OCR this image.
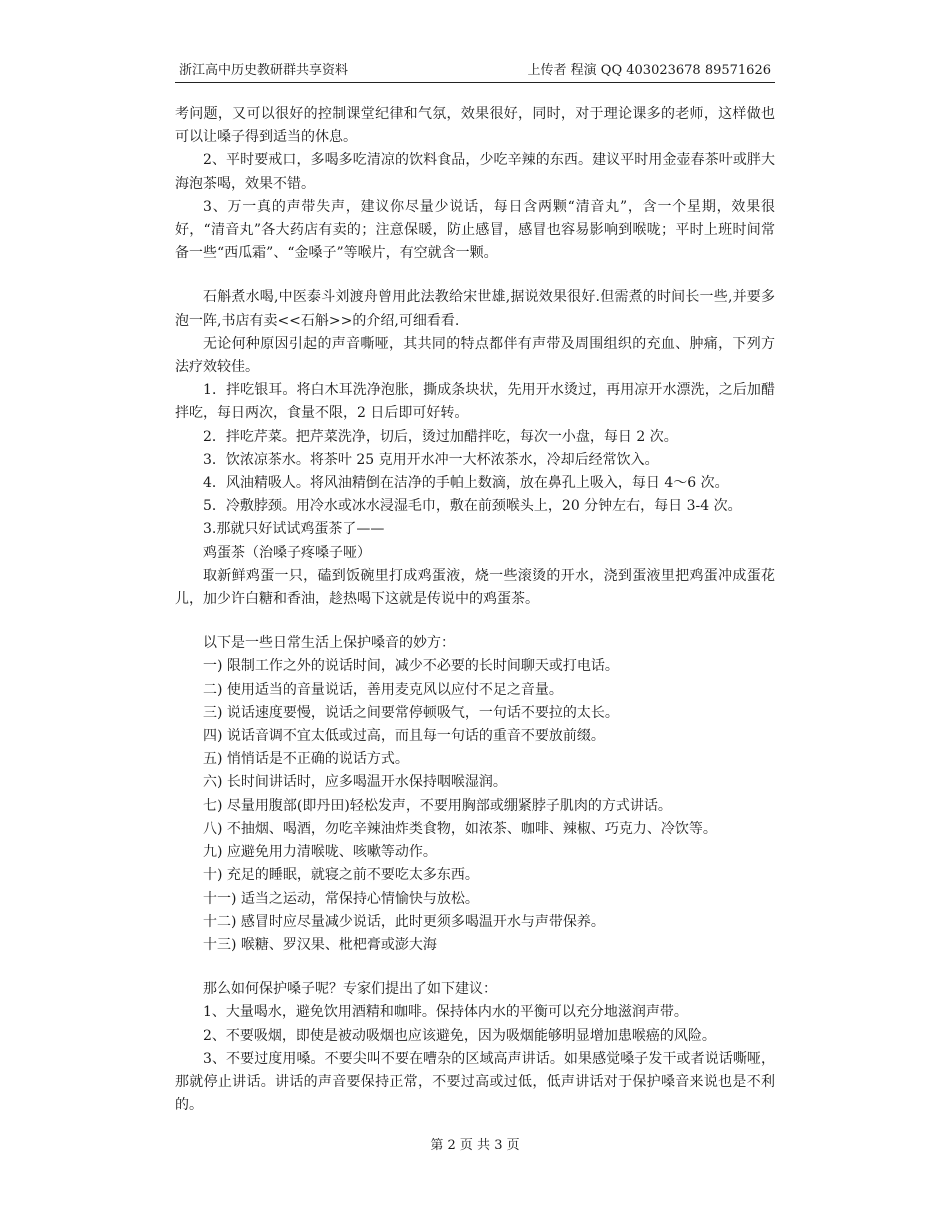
浙江高中历史教研群共享资料	上传者 程演 QQ 403023678 89571626

考问题，又可以很好的控制课堂纪律和气氛，效果很好，同时，对于理论课多的老师，这样做也可以让嗓子得到适当的休息。

2、平时要戒口，多喝多吃清凉的饮料食品，少吃辛辣的东西。建议平时用金壶春茶叶或胖大海泡茶喝，效果不错。

3、万一真的声带失声，建议你尽量少说话，每日含两颗“清音丸”，含一个星期，效果很好，“清音丸”各大药店有卖的；注意保暖，防止感冒，感冒也容易影响到喉咙；平时上班时间常备一些“西瓜霜”、“金嗓子”等喉片，有空就含一颗。

石斛煮水喝,中医泰斗刘渡舟曾用此法教给宋世雄,据说效果很好.但需煮的时间长一些,并要多泡一阵,书店有卖<<石斛>>的介绍,可细看看.

无论何种原因引起的声音嘶哑，其共同的特点都伴有声带及周围组织的充血、肿痛，下列方法疗效较佳。

1．拌吃银耳。将白木耳洗净泡胀，撕成条块状，先用开水烫过，再用凉开水漂洗，之后加醋拌吃，每日两次，食量不限，2 日后即可好转。

2．拌吃芹菜。把芹菜洗净，切后，烫过加醋拌吃，每次一小盘，每日 2 次。

3．饮浓凉茶水。将茶叶 25 克用开水冲一大杯浓茶水，冷却后经常饮入。

4．风油精吸人。将风油精倒在洁净的手帕上数滴，放在鼻孔上吸入，每日 4～6 次。

5．冷敷脖颈。用冷水或冰水浸湿毛巾，敷在前颈喉头上，20 分钟左右，每日 3-4 次。

3.那就只好试试鸡蛋茶了——

鸡蛋茶（治嗓子疼嗓子哑）

取新鲜鸡蛋一只，磕到饭碗里打成鸡蛋液，烧一些滚烫的开水，浇到蛋液里把鸡蛋冲成蛋花儿，加少许白糖和香油，趁热喝下这就是传说中的鸡蛋茶。

以下是一些日常生活上保护嗓音的妙方：

一) 限制工作之外的说话时间，减少不必要的长时间聊天或打电话。

二) 使用适当的音量说话，善用麦克风以应付不足之音量。

三) 说话速度要慢，说话之间要常停顿吸气，一句话不要拉的太长。

四) 说话音调不宜太低或过高，而且每一句话的重音不要放前缀。

五) 悄悄话是不正确的说话方式。

六) 长时间讲话时，应多喝温开水保持咽喉湿润。

七) 尽量用腹部(即丹田)轻松发声，不要用胸部或绷紧脖子肌肉的方式讲话。

八) 不抽烟、喝酒，勿吃辛辣油炸类食物，如浓茶、咖啡、辣椒、巧克力、冷饮等。

九) 应避免用力清喉咙、咳嗽等动作。

十) 充足的睡眠，就寝之前不要吃太多东西。

十一) 适当之运动，常保持心情愉快与放松。

十二) 感冒时应尽量减少说话，此时更须多喝温开水与声带保养。

十三) 喉糖、罗汉果、枇杷膏或澎大海

那么如何保护嗓子呢？专家们提出了如下建议：

1、大量喝水，避免饮用酒精和咖啡。保持体内水的平衡可以充分地滋润声带。

2、不要吸烟，即使是被动吸烟也应该避免，因为吸烟能够明显增加患喉癌的风险。

3、不要过度用嗓。不要尖叫不要在嘈杂的区域高声讲话。如果感觉嗓子发干或者说话嘶哑，那就停止讲话。讲话的声音要保持正常，不要过高或过低，低声讲话对于保护嗓音来说也是不利的。

第 2 页 共 3 页
